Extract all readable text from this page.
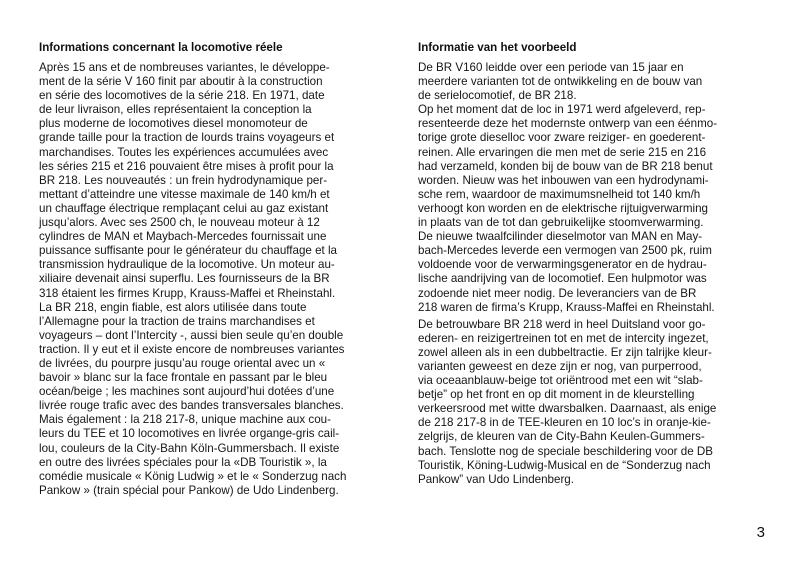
Informations concernant la locomotive réele

Après 15 ans et de nombreuses variantes, le développe-
ment de la série V 160 finit par aboutir à la construction
en série des locomotives de la série 218. En 1971, date
de leur livraison, elles représentaient la conception la
plus moderne de locomotives diesel monomoteur de
grande taille pour la traction de lourds trains voyageurs et
marchandises. Toutes les expériences accumulées avec
les séries 215 et 216 pouvaient être mises à profit pour la
BR 218. Les nouveautés : un frein hydrodynamique per-
mettant d’atteindre une vitesse maximale de 140 km/h et
un chauffage électrique remplaçant celui au gaz existant
jusqu’alors. Avec ses 2500 ch, le nouveau moteur à 12
cylindres de MAN et Maybach-Mercedes fournissait une
puissance suffisante pour le générateur du chauffage et la
transmission hydraulique de la locomotive. Un moteur au-
xiliaire devenait ainsi superflu. Les fournisseurs de la BR
318 étaient les firmes Krupp, Krauss-Maffei et Rheinstahl.
La BR 218, engin fiable, est alors utilisée dans toute
l’Allemagne pour la traction de trains marchandises et
voyageurs – dont l’Intercity -, aussi bien seule qu’en double
traction. Il y eut et il existe encore de nombreuses variantes
de livrées, du pourpre jusqu’au rouge oriental avec un «
bavoir » blanc sur la face frontale en passant par le bleu
océan/beige ; les machines sont aujourd’hui dotées d’une
livrée rouge trafic avec des bandes transversales blanches.
Mais également : la 218 217-8, unique machine aux cou-
leurs du TEE et 10 locomotives en livrée organge-gris cail-
lou, couleurs de la City-Bahn Köln-Gummersbach. Il existe
en outre des livrées spéciales pour la «DB Touristik », la
comédie musicale « König Ludwig » et le « Sonderzug nach
Pankow » (train spécial pour Pankow) de Udo Lindenberg.

Informatie van het voorbeeld

De BR V160 leidde over een periode van 15 jaar en
meerdere varianten tot de ontwikkeling en de bouw van
de serielocomotief, de BR 218.
Op het moment dat de loc in 1971 werd afgeleverd, rep-
resenteerde deze het modernste ontwerp van een éénmo-
torige grote dieselloc voor zware reiziger- en goederent-
reinen. Alle ervaringen die men met de serie 215 en 216
had verzameld, konden bij de bouw van de BR 218 benut
worden. Nieuw was het inbouwen van een hydrodynami-
sche rem, waardoor de maximumsnelheid tot 140 km/h
verhoogt kon worden en de elektrische rijtuigverwarming
in plaats van de tot dan gebruikelijke stoomverwarming.
De nieuwe twaalfcilinder dieselmotor van MAN en May-
bach-Mercedes leverde een vermogen van 2500 pk, ruim
voldoende voor de verwarmingsgenerator en de hydrau-
lische aandrijving van de locomotief. Een hulpmotor was
zodoende niet meer nodig. De leveranciers van de BR
218 waren de firma’s Krupp, Krauss-Maffei en Rheinstahl.

De betrouwbare BR 218 werd in heel Duitsland voor go-
ederen- en reizigertreinen tot en met de intercity ingezet,
zowel alleen als in een dubbeltractie. Er zijn talrijke kleur-
varianten geweest en deze zijn er nog, van purperrood,
via oceaanblauw-beige tot oriëntrood met een wit “slab-
betje” op het front en op dit moment in de kleurstelling
verkeersrood met witte dwarsbalken. Daarnaast, als enige
de 218 217-8 in de TEE-kleuren en 10 loc’s in oranje-kie-
zelgrijs, de kleuren van de City-Bahn Keulen-Gummers-
bach. Tenslotte nog de speciale beschildering voor de DB
Touristik, Köning-Ludwig-Musical en de “Sonderzug nach
Pankow” van Udo Lindenberg.

3
